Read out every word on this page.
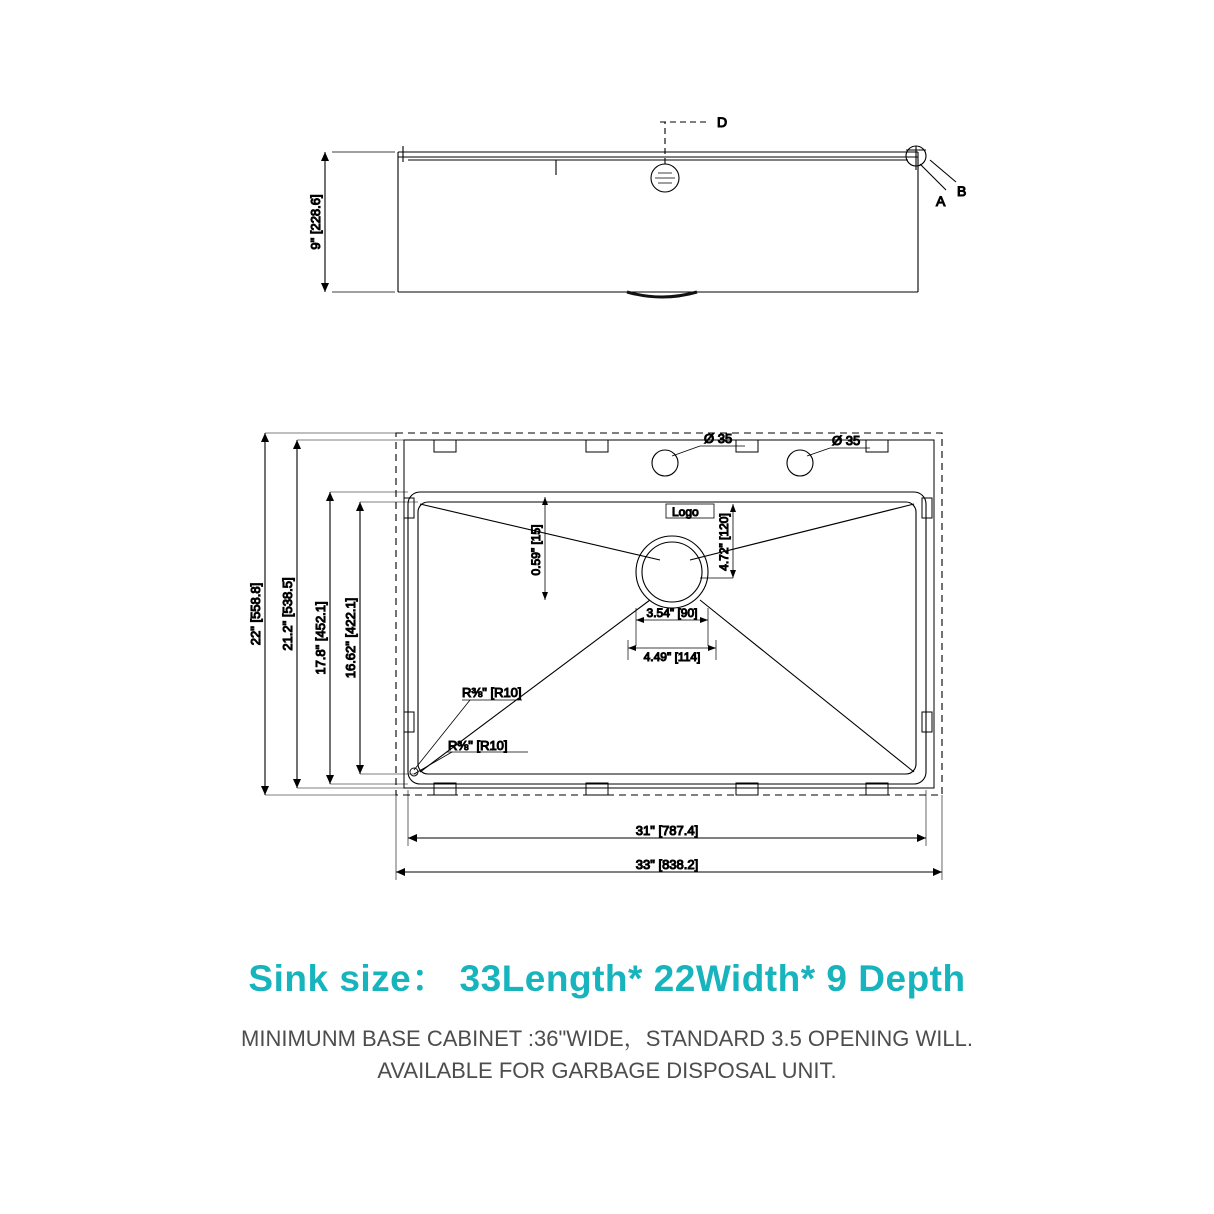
D
A
B
9" [228.6]
Ø 35	Ø 35
Logo
0.59" [15]	4.72" [120]
3.54" [90]
4.49" [114]
R⅜" [R10]
R⅜" [R10]
22" [558.8] 21.2" [538.5] 17.8" [452.1] 16.62" [422.1]
31" [787.4]
33" [838.2]

Sink size： 33Length* 22Width* 9 Depth

MINIMUNM BASE CABINET :36"WIDE，STANDARD 3.5 OPENING WILL.

AVAILABLE FOR GARBAGE DISPOSAL UNIT.
